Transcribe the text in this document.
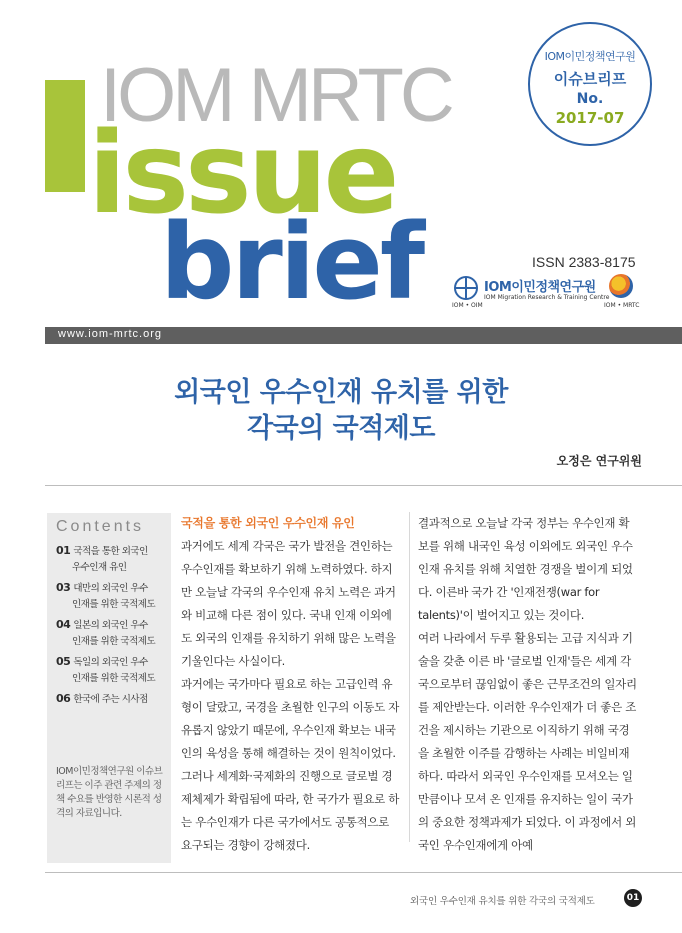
IOM MRTC
issue
brief
IOM이민정책연구원
이슈브리프
No.
2017-07
ISSN 2383-8175
IOM • OIM
IOM이민정책연구원
IOM Migration Research & Training Centre
IOM • MRTC
www.iom-mrtc.org
외국인 우수인재 유치를 위한
각국의 국적제도
오정은 연구위원
Contents
01 국적을 통한 외국인
우수인재 유인
03 대만의 외국인 우수
인재를 위한 국적제도
04 일본의 외국인 우수
인재를 위한 국적제도
05 독일의 외국인 우수
인재를 위한 국적제도
06 한국에 주는 시사점
IOM이민정책연구원 이슈브리프는 이주 관련 주제의 정책 수요를 반영한 시론적 성격의 자료입니다.

국적을 통한 외국인 우수인재 유인

과거에도 세계 각국은 국가 발전을 견인하는 우수인재를 확보하기 위해 노력하였다. 하지만 오늘날 각국의 우수인재 유치 노력은 과거와 비교해 다른 점이 있다. 국내 인재 이외에도 외국의 인재를 유치하기 위해 많은 노력을 기울인다는 사실이다.

과거에는 국가마다 필요로 하는 고급인력 유형이 달랐고, 국경을 초월한 인구의 이동도 자유롭지 않았기 때문에, 우수인재 확보는 내국인의 육성을 통해 해결하는 것이 원칙이었다. 그러나 세계화·국제화의 진행으로 글로벌 경제체제가 확립됨에 따라, 한 국가가 필요로 하는 우수인재가 다른 국가에서도 공통적으로 요구되는 경향이 강해졌다.

결과적으로 오늘날 각국 정부는 우수인재 확보를 위해 내국인 육성 이외에도 외국인 우수 인재 유치를 위해 치열한 경쟁을 벌이게 되었다. 이른바 국가 간 '인재전쟁(war for talents)'이 벌어지고 있는 것이다.

여러 나라에서 두루 활용되는 고급 지식과 기술을 갖춘 이른 바 '글로벌 인재'들은 세계 각국으로부터 끊임없이 좋은 근무조건의 일자리를 제안받는다. 이러한 우수인재가 더 좋은 조건을 제시하는 기관으로 이직하기 위해 국경을 초월한 이주를 감행하는 사례는 비일비재하다. 따라서 외국인 우수인재를 모셔오는 일 만큼이나 모셔 온 인재를 유지하는 일이 국가의 중요한 정책과제가 되었다. 이 과정에서 외국인 우수인재에게 아예

외국인 우수인재 유치를 위한 각국의 국적제도	01
